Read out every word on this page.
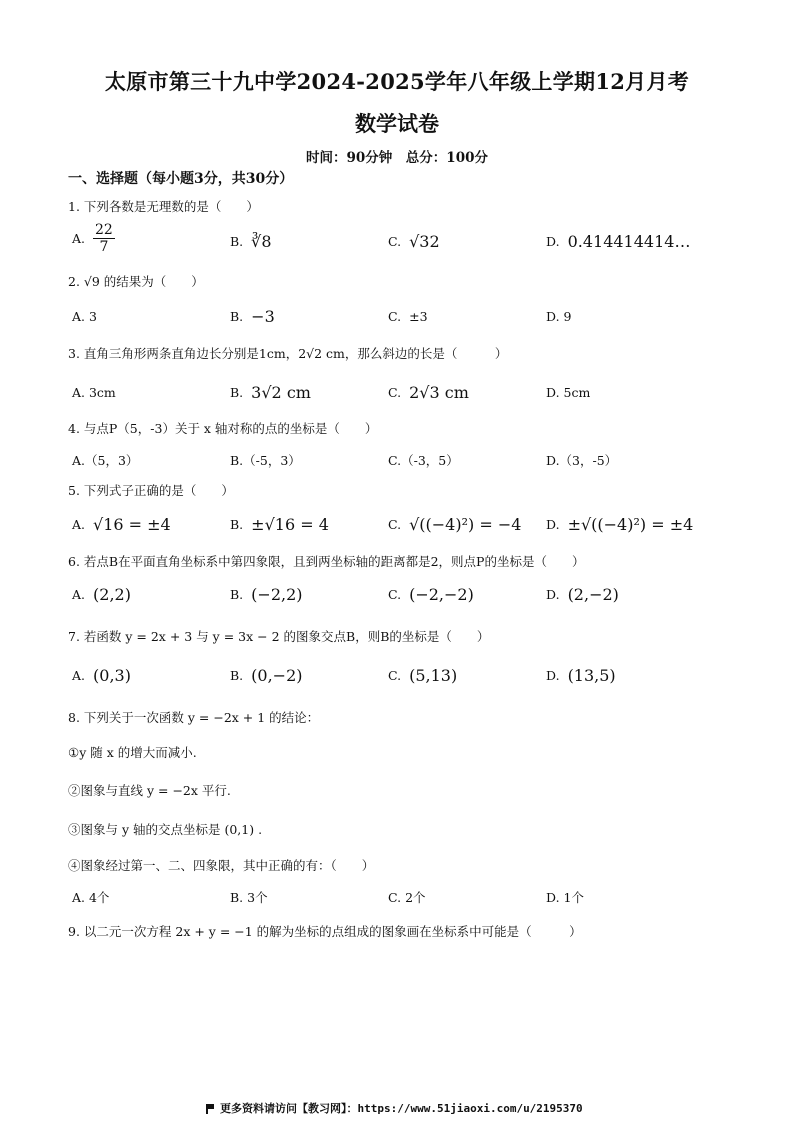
太原市第三十九中学2024-2025学年八年级上学期12月月考
数学试卷
时间：90分钟　总分：100分
一、选择题（每小题3分，共30分）
1. 下列各数是无理数的是（　　）
A. $\frac{22}{7}$	B. ∛8	C. √32	D. 0.414414414…
2. √9 的结果为（　　）
A. 3	B. −3	C. ±3	D. 9
3. 直角三角形两条直角边长分别是1cm，2√2 cm，那么斜边的长是（　　　）
A. 3cm	B. 3√2 cm	C. 2√3 cm	D. 5cm
4. 与点P（5，-3）关于 x 轴对称的点的坐标是（　　）
A.（5，3）	B.（-5，3）	C.（-3，5）	D.（3，-5）
5. 下列式子正确的是（　　）
A. √16 = ±4	B. ±√16 = 4	C. √((−4)²) = −4 D. ±√((−4)²) = ±4
6. 若点B在平面直角坐标系中第四象限，且到两坐标轴的距离都是2，则点P的坐标是（　　）
A. (2,2)	B. (−2,2)	C. (−2,−2)	D. (2,−2)
7. 若函数 y = 2x + 3 与 y = 3x − 2 的图象交点B，则B的坐标是（　　）
A. (0,3)	B. (0,−2)	C. (5,13)	D. (13,5)
8. 下列关于一次函数 y = −2x + 1 的结论：
①y 随 x 的增大而减小.
②图象与直线 y = −2x 平行.
③图象与 y 轴的交点坐标是 (0,1) .
④图象经过第一、二、四象限，其中正确的有：（　　）
A. 4个	B. 3个	C. 2个	D. 1个
9. 以二元一次方程 2x + y = −1 的解为坐标的点组成的图象画在坐标系中可能是（　　　）
更多资料请访问【教习网】：https://www.51jiaoxi.com/u/2195370
